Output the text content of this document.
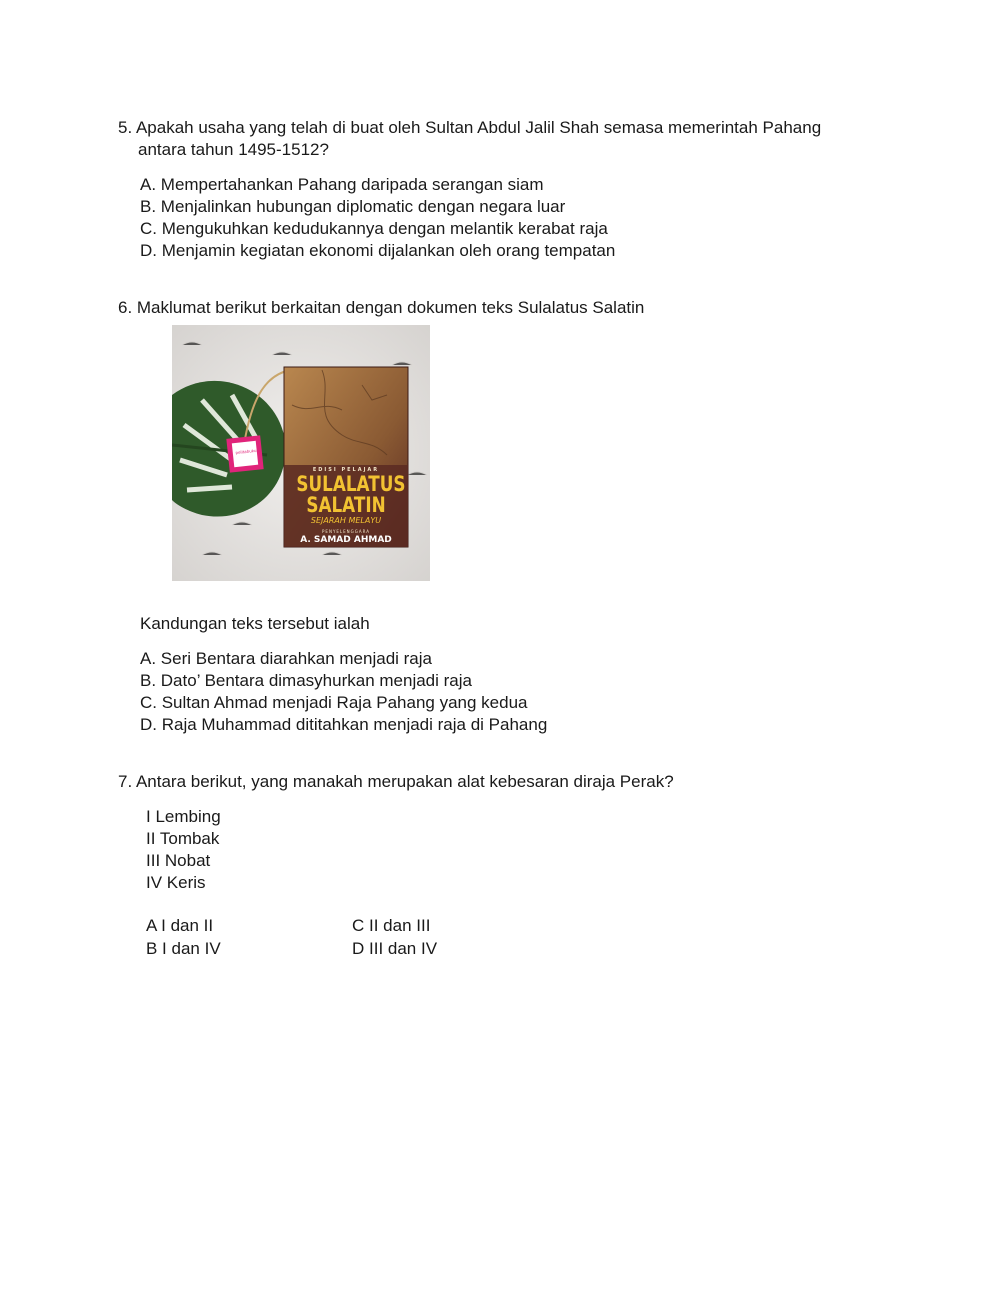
5. Apakah usaha yang telah di buat oleh Sultan Abdul Jalil Shah semasa memerintah Pahang
antara tahun 1495-1512?
A. Mempertahankan Pahang daripada serangan siam
B. Menjalinkan hubungan diplomatic dengan negara luar
C. Mengukuhkan kedudukannya dengan melantik kerabat raja
D. Menjamin kegiatan ekonomi dijalankan oleh orang tempatan
6. Maklumat berikut berkaitan dengan dokumen teks Sulalatus Salatin
EDISI PELAJAR
SULALATUS
SALATIN
SEJARAH MELAYU
PENYELENGGARA
A. SAMAD AHMAD
pelitabuku
Kandungan teks tersebut ialah
A. Seri Bentara diarahkan menjadi raja
B. Dato’ Bentara dimasyhurkan menjadi raja
C. Sultan Ahmad menjadi Raja Pahang yang kedua
D. Raja Muhammad dititahkan menjadi raja di Pahang
7. Antara berikut, yang manakah merupakan alat kebesaran diraja Perak?
I Lembing
II Tombak
III Nobat
IV Keris
A I dan II
B I dan IV
C II dan III
D III dan IV
